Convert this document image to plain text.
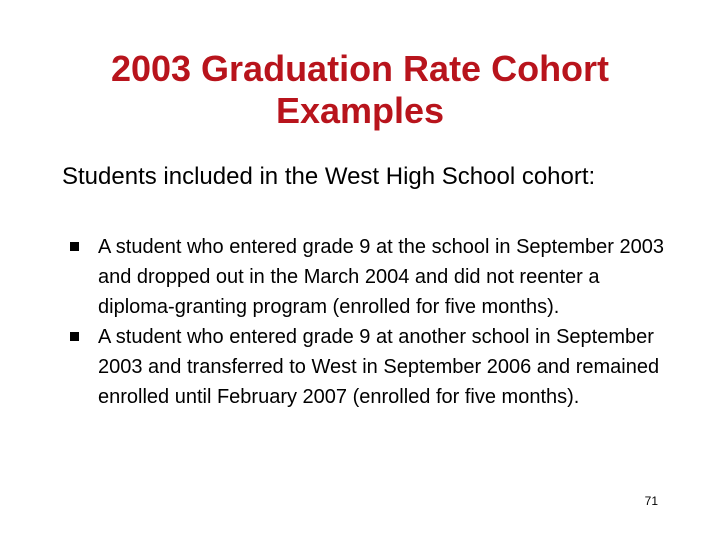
2003 Graduation Rate Cohort
Examples

Students included in the West High School cohort:

A student who entered grade 9 at the school in September 2003 and dropped out in the March 2004 and did not reenter a diploma-granting program (enrolled for five months).
A student who entered grade 9 at another school in September 2003 and transferred to West in September 2006 and remained enrolled until February 2007 (enrolled for five months).
71
